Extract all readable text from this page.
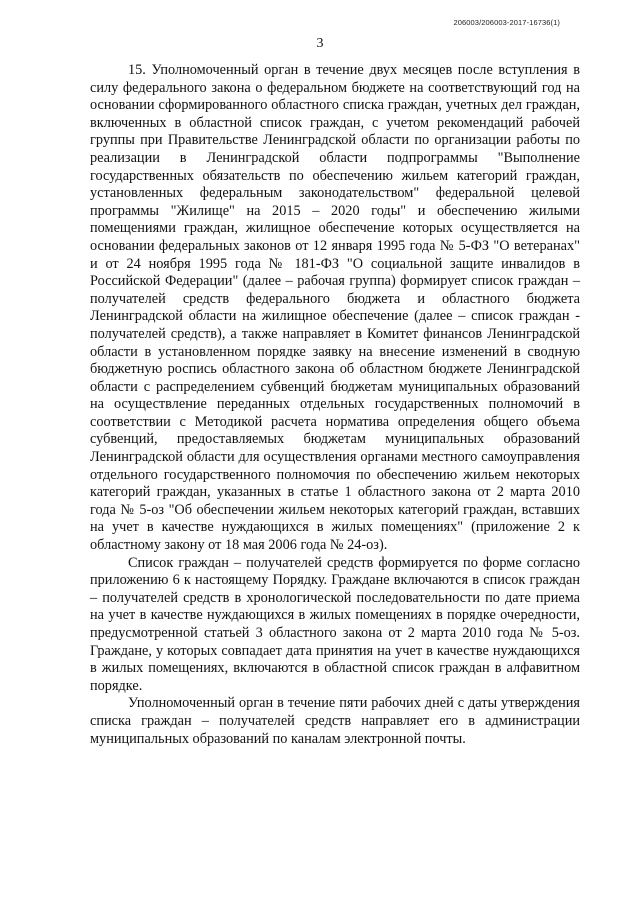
206003/206003-2017-16736(1)
3

15. Уполномоченный орган в течение двух месяцев после вступления в силу федерального закона о федеральном бюджете на соответствующий год на основании сформированного областного списка граждан, учетных дел граждан, включенных в областной список граждан, с учетом рекомендаций рабочей группы при Правительстве Ленинградской области по организации работы по реализации в Ленинградской области подпрограммы "Выполнение государственных обязательств по обеспечению жильем категорий граждан, установленных федеральным законодательством" федеральной целевой программы "Жилище" на 2015 – 2020 годы" и обеспечению жилыми помещениями граждан, жилищное обеспечение которых осуществляется на основании федеральных законов от 12 января 1995 года № 5-ФЗ "О ветеранах" и от 24 ноября 1995 года № 181-ФЗ "О социальной защите инвалидов в Российской Федерации" (далее – рабочая группа) формирует список граждан – получателей средств федерального бюджета и областного бюджета Ленинградской области на жилищное обеспечение (далее – список граждан - получателей средств), а также направляет в Комитет финансов Ленинградской области в установленном порядке заявку на внесение изменений в сводную бюджетную роспись областного закона об областном бюджете Ленинградской области с распределением субвенций бюджетам муниципальных образований на осуществление переданных отдельных государственных полномочий в соответствии с Методикой расчета норматива определения общего объема субвенций, предоставляемых бюджетам муниципальных образований Ленинградской области для осуществления органами местного самоуправления отдельного государственного полномочия по обеспечению жильем некоторых категорий граждан, указанных в статье 1 областного закона от 2 марта 2010 года № 5-оз "Об обеспечении жильем некоторых категорий граждан, вставших на учет в качестве нуждающихся в жилых помещениях" (приложение 2 к областному закону от 18 мая 2006 года № 24-оз).

Список граждан – получателей средств формируется по форме согласно приложению 6 к настоящему Порядку. Граждане включаются в список граждан – получателей средств в хронологической последовательности по дате приема на учет в качестве нуждающихся в жилых помещениях в порядке очередности, предусмотренной статьей 3 областного закона от 2 марта 2010 года № 5-оз. Граждане, у которых совпадает дата принятия на учет в качестве нуждающихся в жилых помещениях, включаются в областной список граждан в алфавитном порядке.

Уполномоченный орган в течение пяти рабочих дней с даты утверждения списка граждан – получателей средств направляет его в администрации муниципальных образований по каналам электронной почты.
